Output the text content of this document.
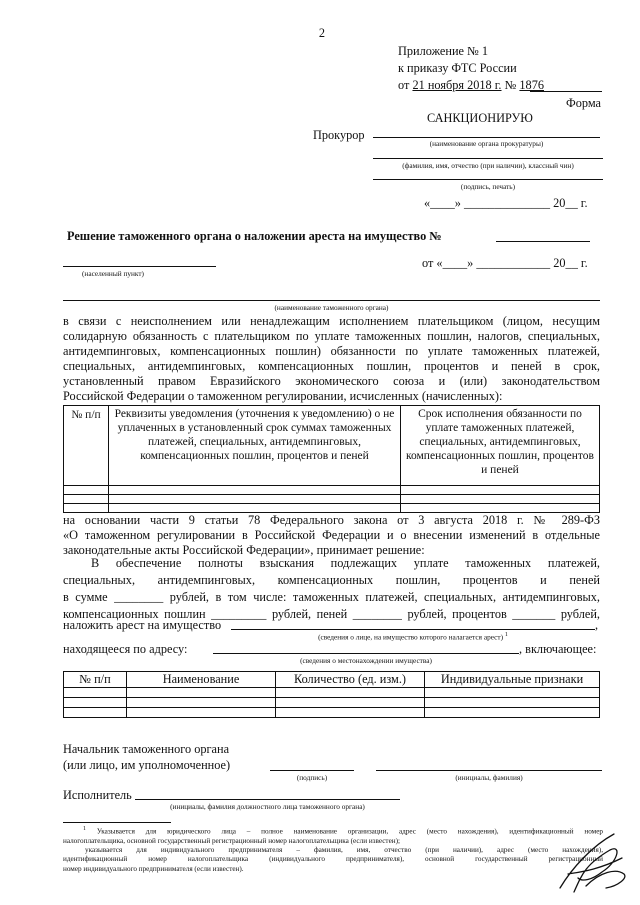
2
Приложение № 1
к приказу ФТС России
от 21 ноября 2018 г. № 1876
Форма
САНКЦИОНИРУЮ
Прокурор
(наименование органа прокуратуры)
(фамилия, имя, отчество (при наличии), классный чин)
(подпись, печать)
«____» ______________ 20__ г.
Решение таможенного органа о наложении ареста на имущество №
(населенный пункт)
от «____» ____________ 20__ г.
(наименование таможенного органа)
в связи с неисполнением или ненадлежащим исполнением плательщиком (лицом, несущим
солидарную обязанность с плательщиком по уплате таможенных пошлин, налогов, специальных,
антидемпинговых, компенсационных пошлин) обязанности по уплате таможенных платежей,
специальных, антидемпинговых, компенсационных пошлин, процентов и пеней в срок,
установленный правом Евразийского экономического союза и (или) законодательством
Российской Федерации о таможенном регулировании, исчисленных (начисленных):
№ п/п	Реквизиты уведомления (уточнения к уведомлению) о не уплаченных в установленный срок суммах таможенных платежей, специальных, антидемпинговых, компенсационных пошлин, процентов и пеней	Срок исполнения обязанности по уплате таможенных платежей, специальных, антидемпинговых, компенсационных пошлин, процентов и пеней

на основании части 9 статьи 78 Федерального закона от 3 августа 2018 г. № 289-ФЗ
«О таможенном регулировании в Российской Федерации и о внесении изменений в отдельные
законодательные акты Российской Федерации», принимает решение:
В обеспечение полноты взыскания подлежащих уплате таможенных платежей,
специальных, антидемпинговых, компенсационных пошлин, процентов и пеней
в сумме ________ рублей, в том числе: таможенных платежей, специальных, антидемпинговых,
компенсационных пошлин _________ рублей, пеней ________ рублей, процентов _______ рублей,
наложить арест на имущество	,
(сведения о лице, на имущество которого налагается арест) $^1$
находящееся по адресу:	, включающее:
(сведения о местонахождении имущества)
№ п/п	Наименование	Количество (ед. изм.)	Индивидуальные признаки

Начальник таможенного органа
(или лицо, им уполномоченное)
(подпись)	(инициалы, фамилия)
Исполнитель
(инициалы, фамилия должностного лица таможенного органа)
$^1$ Указывается для юридического лица – полное наименование организации, адрес (место нахождения), идентификационный номер
налогоплательщика, основной государственный регистрационный номер налогоплательщика (если известен);
указывается для индивидуального предпринимателя – фамилия, имя, отчество (при наличии), адрес (место нахождения),
идентификационный номер налогоплательщика (индивидуального предпринимателя), основной государственный регистрационный
номер индивидуального предпринимателя (если известен).
